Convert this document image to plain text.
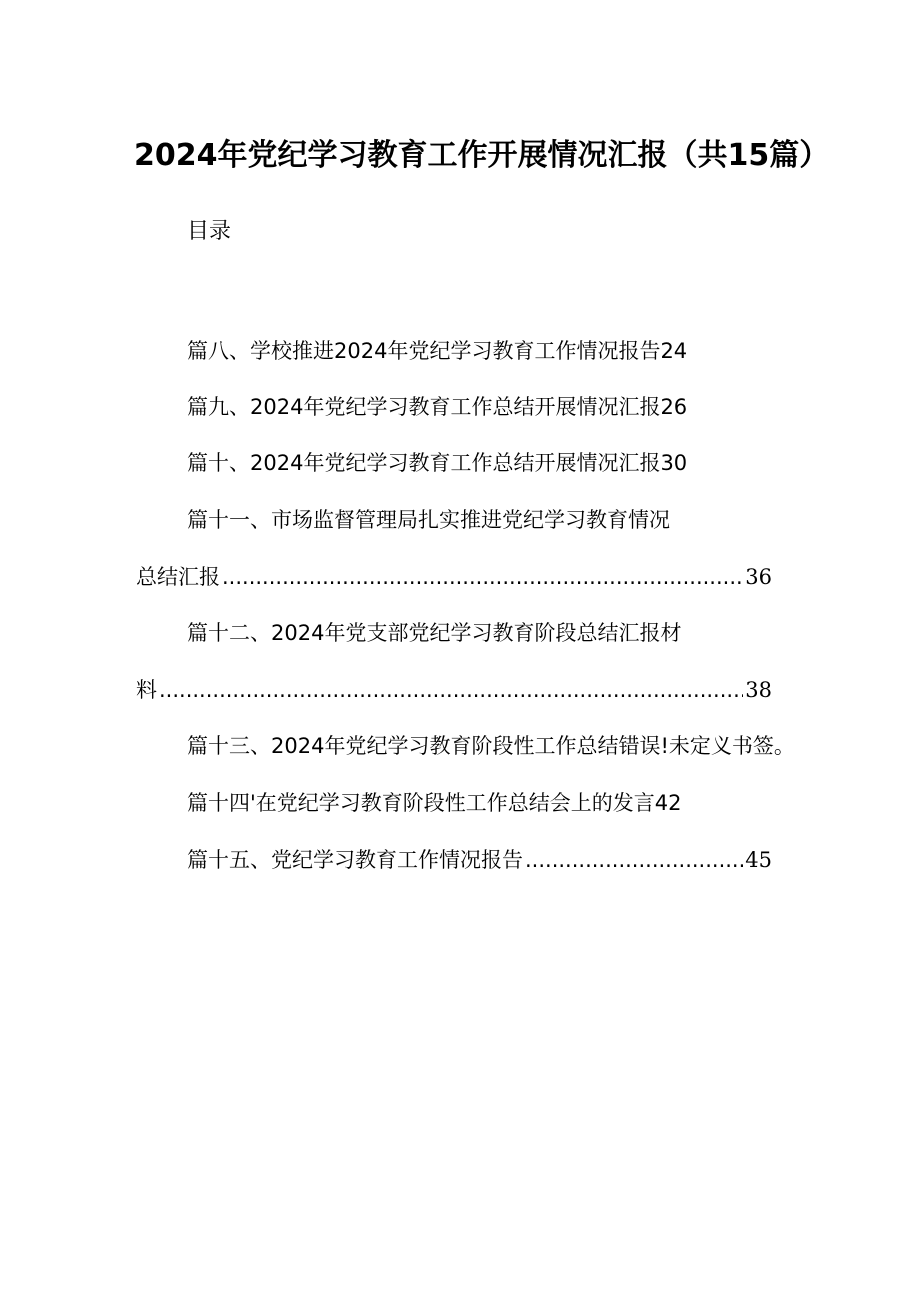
2024年党纪学习教育工作开展情况汇报（共15篇）
目录
篇八、学校推进2024年党纪学习教育工作情况报告24
篇九、2024年党纪学习教育工作总结开展情况汇报26
篇十、2024年党纪学习教育工作总结开展情况汇报30
篇十一、市场监督管理局扎实推进党纪学习教育情况
总结汇报 .....	36
篇十二、2024年党支部党纪学习教育阶段总结汇报材
料 .....	38
篇十三、2024年党纪学习教育阶段性工作总结错误!未定义书签。
篇十四'在党纪学习教育阶段性工作总结会上的发言42
篇十五、党纪学习教育工作情况报告 .....	45
